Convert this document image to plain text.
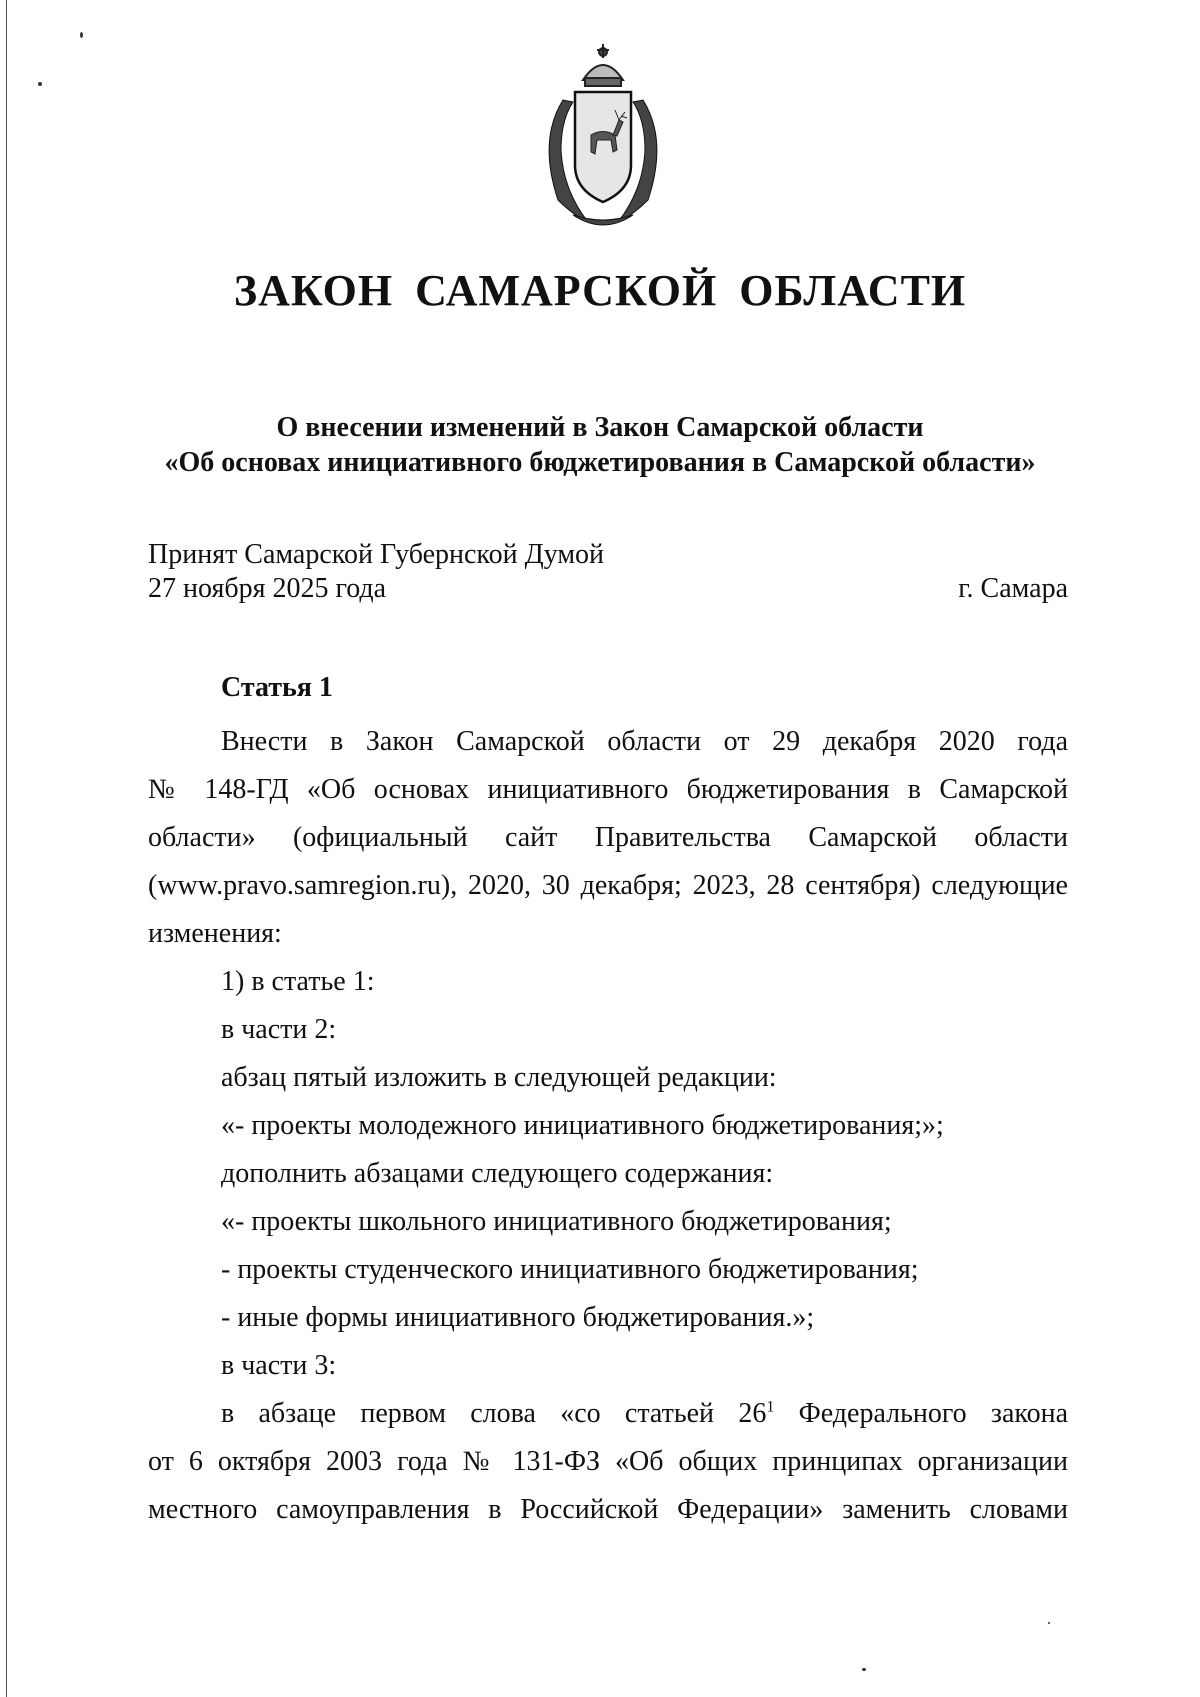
ЗАКОН САМАРСКОЙ ОБЛАСТИ
О внесении изменений в Закон Самарской области
«Об основах инициативного бюджетирования в Самарской области»
Принят Самарской Губернской Думой
27 ноября 2025 года	г. Самара
Статья 1

Внести в Закон Самарской области от 29 декабря 2020 года

№ 148-ГД «Об основах инициативного бюджетирования в Самарской

области» (официальный сайт Правительства Самарской области

(www.pravo.samregion.ru), 2020, 30 декабря; 2023, 28 сентября) следующие

изменения:

1) в статье 1:

в части 2:

абзац пятый изложить в следующей редакции:

«- проекты молодежного инициативного бюджетирования;»;

дополнить абзацами следующего содержания:

«- проекты школьного инициативного бюджетирования;

- проекты студенческого инициативного бюджетирования;

- иные формы инициативного бюджетирования.»;

в части 3:

в абзаце первом слова «со статьей $26^1$ Федерального закона

от 6 октября 2003 года № 131-ФЗ «Об общих принципах организации

местного самоуправления в Российской Федерации» заменить словами
